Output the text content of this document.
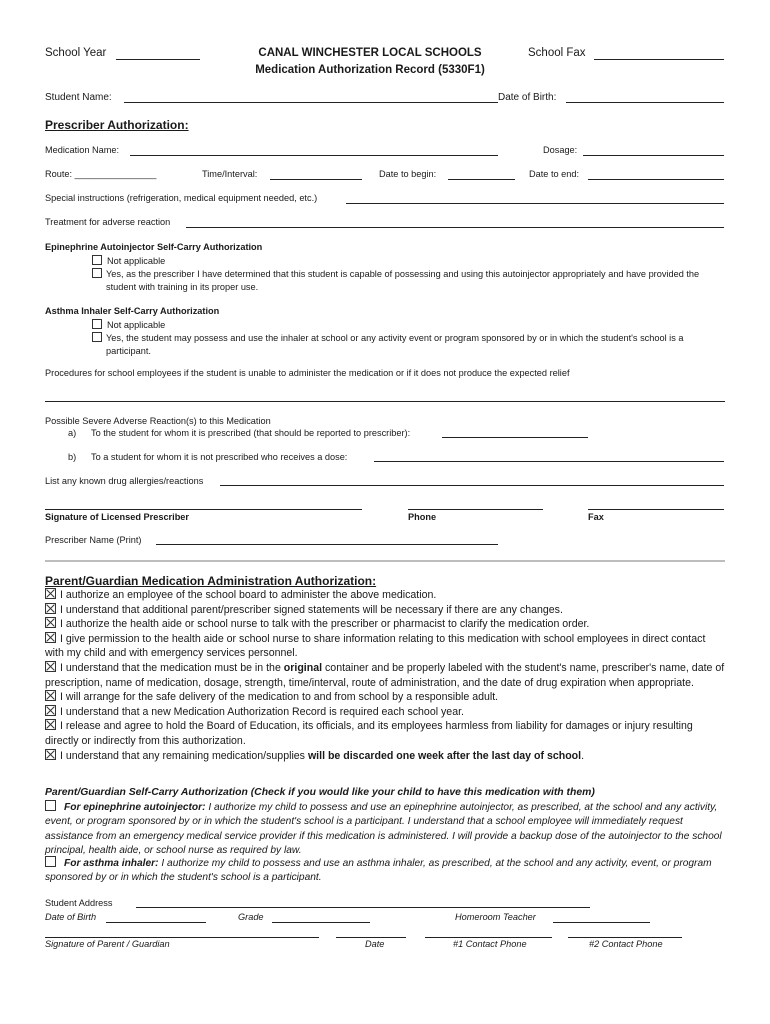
School Year	CANAL WINCHESTER LOCAL SCHOOLS
Medication Authorization Record (5330F1)
School Fax
Student Name:	Date of Birth:
Prescriber Authorization:
Medication Name:	Dosage:
Route: ________________	Time/Interval:	Date to begin:	Date to end:
Special instructions (refrigeration, medical equipment needed, etc.)
Treatment for adverse reaction
Epinephrine Autoinjector Self-Carry Authorization
Not applicable
Yes, as the prescriber I have determined that this student is capable of possessing and using this autoinjector appropriately and have provided the student with training in its proper use.
Asthma Inhaler Self-Carry Authorization
Not applicable
Yes, the student may possess and use the inhaler at school or any activity event or program sponsored by or in which the student's school is a participant.
Procedures for school employees if the student is unable to administer the medication or if it does not produce the expected relief
Possible Severe Adverse Reaction(s) to this Medication
a) To the student for whom it is prescribed (that should be reported to prescriber):
b) To a student for whom it is not prescribed who receives a dose:
List any known drug allergies/reactions
Signature of Licensed Prescriber	Phone	Fax
Prescriber Name (Print)
Parent/Guardian Medication Administration Authorization:
I authorize an employee of the school board to administer the above medication.
I understand that additional parent/prescriber signed statements will be necessary if there are any changes.
I authorize the health aide or school nurse to talk with the prescriber or pharmacist to clarify the medication order.
I give permission to the health aide or school nurse to share information relating to this medication with school employees in direct contact with my child and with emergency services personnel.
I understand that the medication must be in the original container and be properly labeled with the student's name, prescriber's name, date of prescription, name of medication, dosage, strength, time/interval, route of administration, and the date of drug expiration when appropriate.
I will arrange for the safe delivery of the medication to and from school by a responsible adult.
I understand that a new Medication Authorization Record is required each school year.
I release and agree to hold the Board of Education, its officials, and its employees harmless from liability for damages or injury resulting directly or indirectly from this authorization.
I understand that any remaining medication/supplies will be discarded one week after the last day of school.
Parent/Guardian Self-Carry Authorization (Check if you would like your child to have this medication with them)
For epinephrine autoinjector: I authorize my child to possess and use an epinephrine autoinjector, as prescribed, at the school and any activity, event, or program sponsored by or in which the student's school is a participant. I understand that a school employee will immediately request assistance from an emergency medical service provider if this medication is administered. I will provide a backup dose of the autoinjector to the school principal, health aide, or school nurse as required by law.
For asthma inhaler: I authorize my child to possess and use an asthma inhaler, as prescribed, at the school and any activity, event, or program sponsored by or in which the student's school is a participant.
Student Address
Date of Birth	Grade	Homeroom Teacher
Signature of Parent / Guardian	Date	#1 Contact Phone	#2 Contact Phone
